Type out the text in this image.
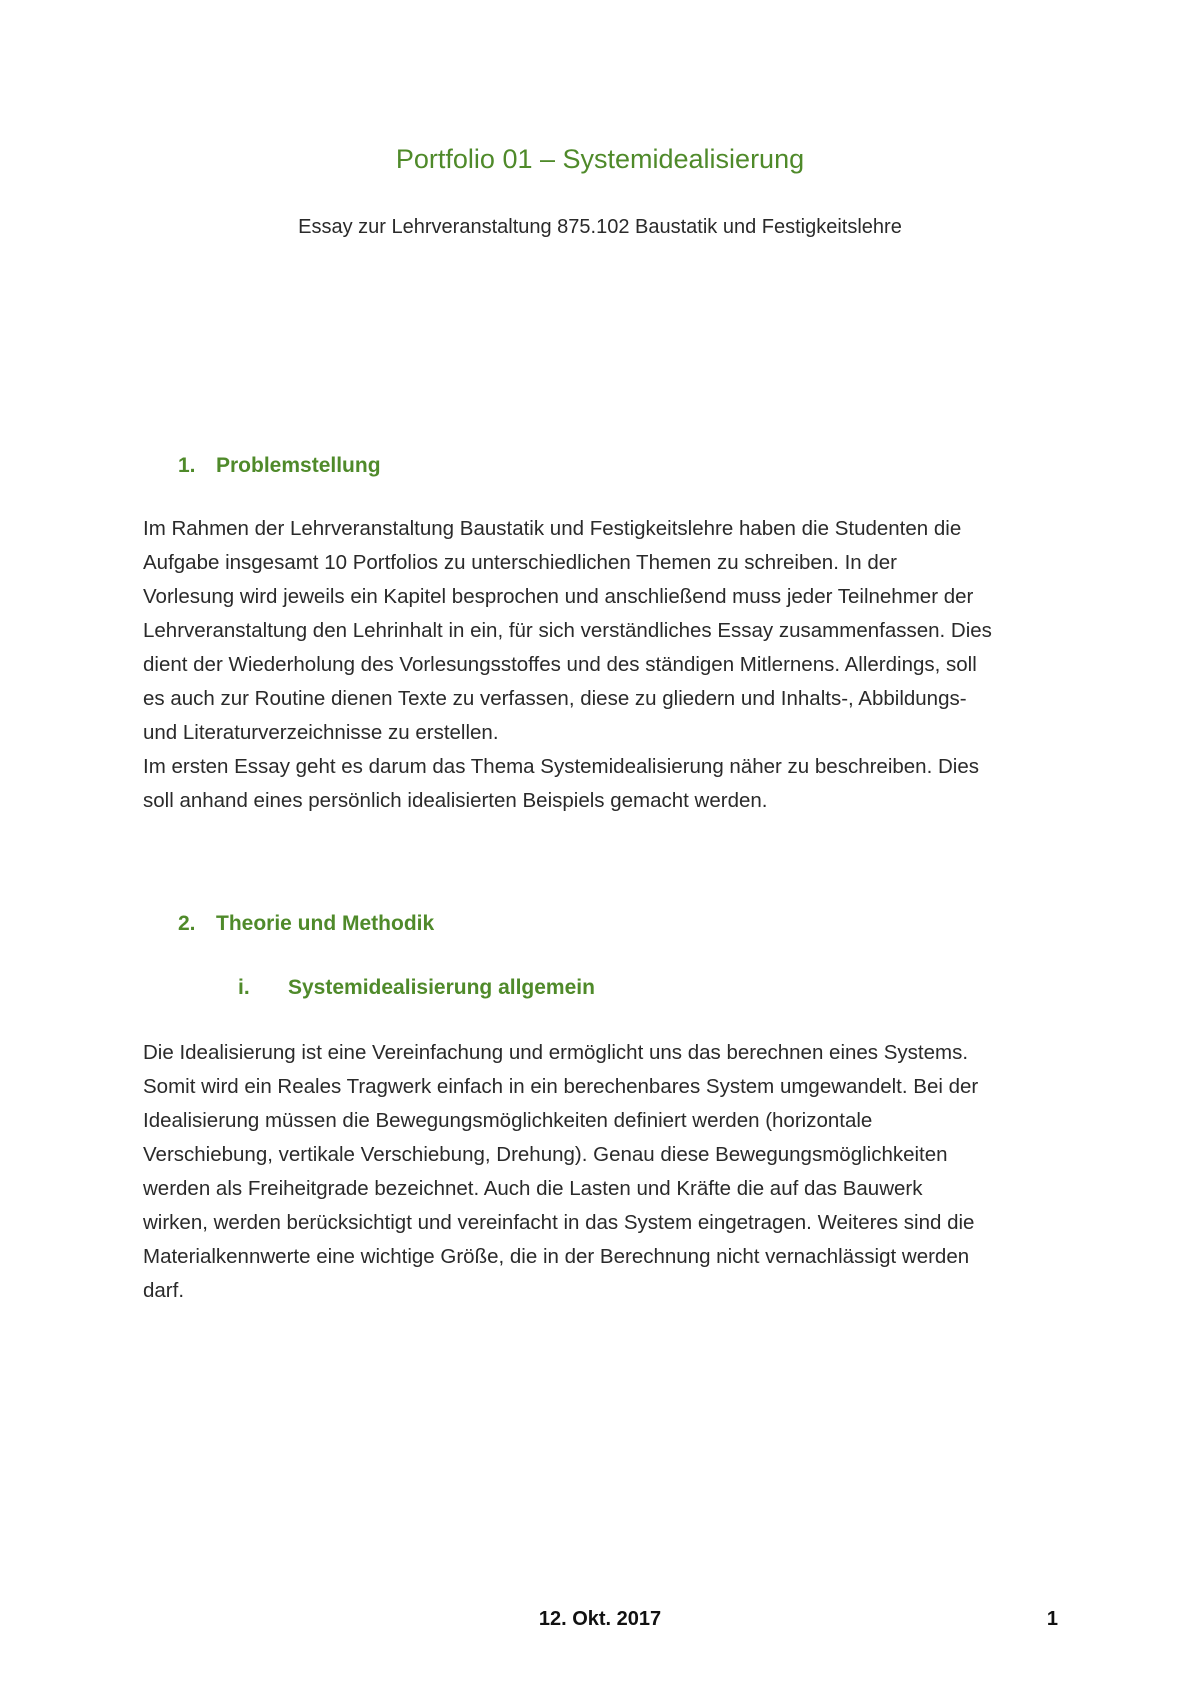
Portfolio 01 – Systemidealisierung

Essay zur Lehrveranstaltung 875.102 Baustatik und Festigkeitslehre

1. Problemstellung
Im Rahmen der Lehrveranstaltung Baustatik und Festigkeitslehre haben die Studenten die
Aufgabe insgesamt 10 Portfolios zu unterschiedlichen Themen zu schreiben. In der
Vorlesung wird jeweils ein Kapitel besprochen und anschließend muss jeder Teilnehmer der
Lehrveranstaltung den Lehrinhalt in ein, für sich verständliches Essay zusammenfassen. Dies
dient der Wiederholung des Vorlesungsstoffes und des ständigen Mitlernens. Allerdings, soll
es auch zur Routine dienen Texte zu verfassen, diese zu gliedern und Inhalts-, Abbildungs-
und Literaturverzeichnisse zu erstellen.
Im ersten Essay geht es darum das Thema Systemidealisierung näher zu beschreiben. Dies
soll anhand eines persönlich idealisierten Beispiels gemacht werden.
2. Theorie und Methodik
i. Systemidealisierung allgemein
Die Idealisierung ist eine Vereinfachung und ermöglicht uns das berechnen eines Systems.
Somit wird ein Reales Tragwerk einfach in ein berechenbares System umgewandelt. Bei der
Idealisierung müssen die Bewegungsmöglichkeiten definiert werden (horizontale
Verschiebung, vertikale Verschiebung, Drehung). Genau diese Bewegungsmöglichkeiten
werden als Freiheitgrade bezeichnet. Auch die Lasten und Kräfte die auf das Bauwerk
wirken, werden berücksichtigt und vereinfacht in das System eingetragen. Weiteres sind die
Materialkennwerte eine wichtige Größe, die in der Berechnung nicht vernachlässigt werden
darf.

12. Okt. 2017	1
